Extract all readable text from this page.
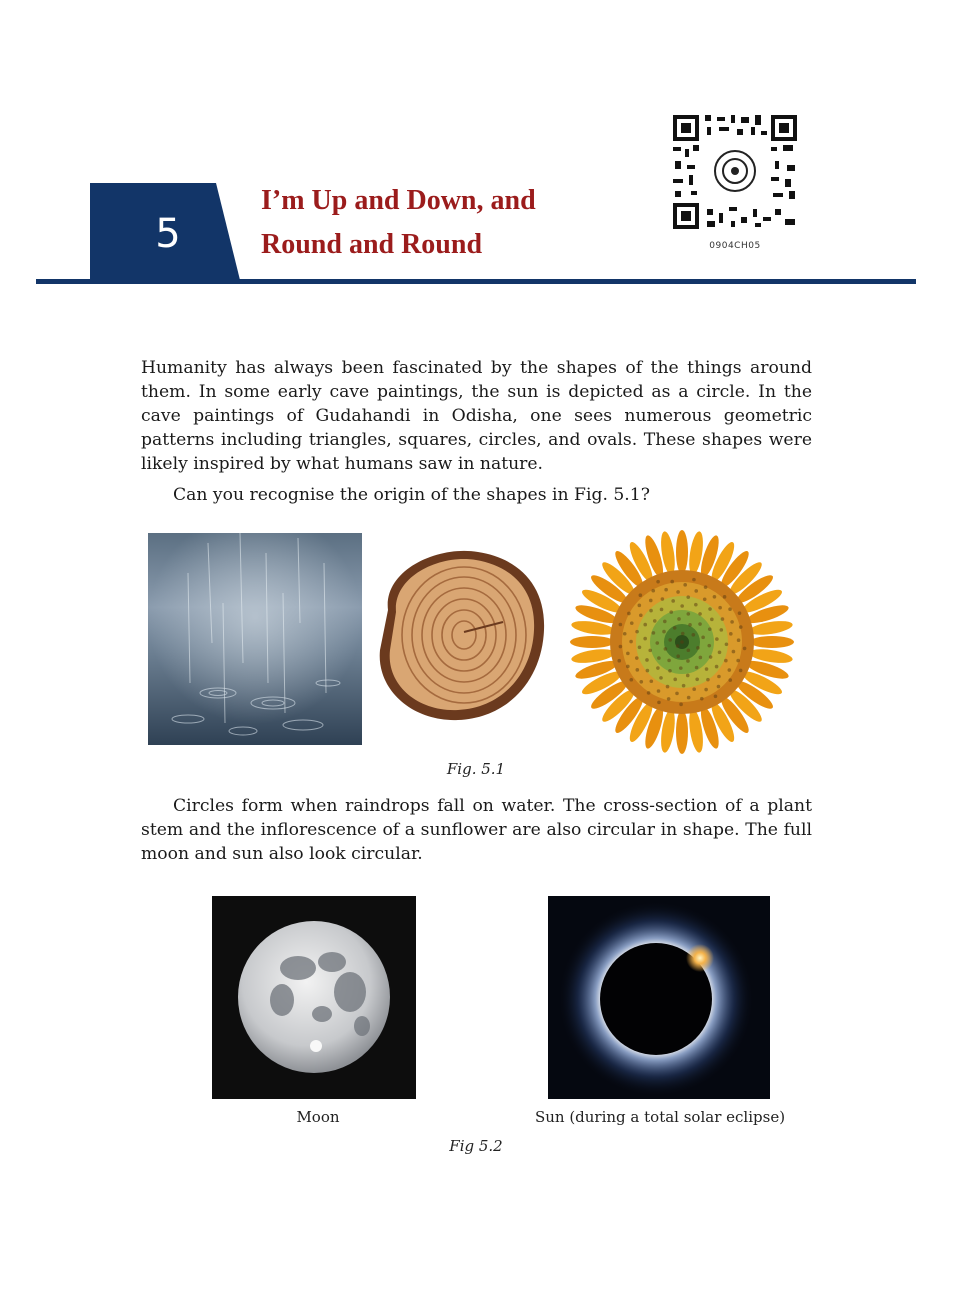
5
I’m Up and Down, and
Round and Round	0904CH05

Humanity has always been fascinated by the shapes of the things around them. In some early cave paintings, the sun is depicted as a circle. In the cave paintings of Gudahandi in Odisha, one sees numerous geometric patterns including triangles, squares, circles, and ovals. These shapes were likely inspired by what humans saw in nature.

Can you recognise the origin of the shapes in Fig. 5.1?

Fig. 5.1

Circles form when raindrops fall on water. The cross-section of a plant stem and the inflorescence of a sunflower are also circular in shape. The full moon and sun also look circular.

Moon	Sun (during a total solar eclipse)
Fig 5.2
